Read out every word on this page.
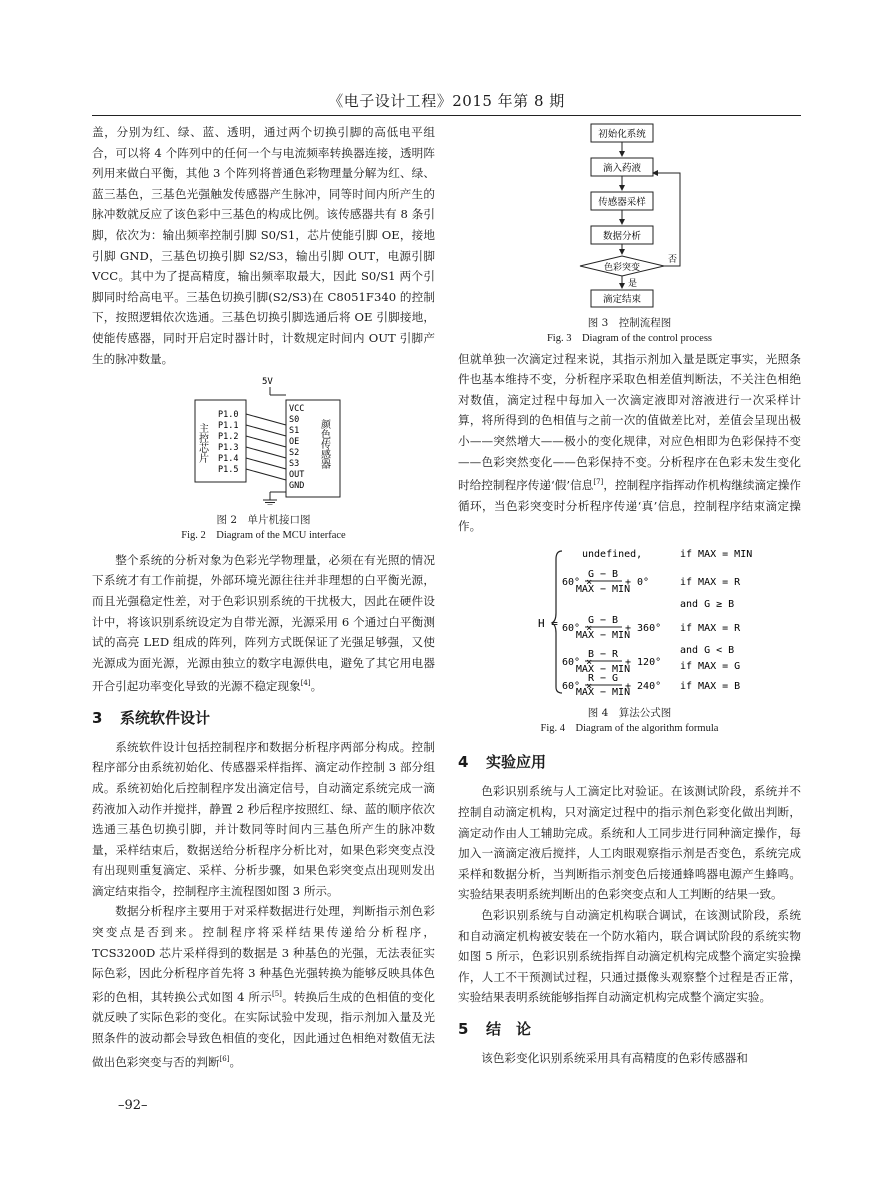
《电子设计工程》2015 年第 8 期

盖，分别为红、绿、蓝、透明，通过两个切换引脚的高低电平组合，可以将 4 个阵列中的任何一个与电流频率转换器连接，透明阵列用来做白平衡，其他 3 个阵列将普通色彩物理量分解为红、绿、蓝三基色，三基色光强触发传感器产生脉冲，同等时间内所产生的脉冲数就反应了该色彩中三基色的构成比例。该传感器共有 8 条引脚，依次为：输出频率控制引脚 S0/S1，芯片使能引脚 OE，接地引脚 GND，三基色切换引脚 S2/S3，输出引脚 OUT，电源引脚 VCC。其中为了提高精度，输出频率取最大，因此 S0/S1 两个引脚同时给高电平。三基色切换引脚(S2/S3)在 C8051F340 的控制下，按照逻辑依次选通。三基色切换引脚选通后将 OE 引脚接地，使能传感器，同时开启定时器计时，计数规定时间内 OUT 引脚产生的脉冲数量。

5V
主控芯片	颜色传感器
P1.0
P1.1
P1.2
P1.3
P1.4
P1.5
VCC
S0
S1
OE
S2
S3
OUT
GND
图 2　单片机接口图
Fig. 2　Diagram of the MCU interface

整个系统的分析对象为色彩光学物理量，必须在有光照的情况下系统才有工作前提，外部环境光源往往并非理想的白平衡光源，而且光强稳定性差，对于色彩识别系统的干扰极大，因此在硬件设计中，将该识别系统设定为自带光源，光源采用 6 个通过白平衡测试的高亮 LED 组成的阵列，阵列方式既保证了光强足够强，又使光源成为面光源，光源由独立的数字电源供电，避免了其它用电器开合引起功率变化导致的光源不稳定现象[4]。

3 系统软件设计

系统软件设计包括控制程序和数据分析程序两部分构成。控制程序部分由系统初始化、传感器采样指挥、滴定动作控制 3 部分组成。系统初始化后控制程序发出滴定信号，自动滴定系统完成一滴药液加入动作并搅拌，静置 2 秒后程序按照红、绿、蓝的顺序依次选通三基色切换引脚，并计数同等时间内三基色所产生的脉冲数量，采样结束后，数据送给分析程序分析比对，如果色彩突变点没有出现则重复滴定、采样、分析步骤，如果色彩突变点出现则发出滴定结束指令，控制程序主流程图如图 3 所示。

数据分析程序主要用于对采样数据进行处理，判断指示剂色彩突变点是否到来。控制程序将采样结果传递给分析程序，TCS3200D 芯片采样得到的数据是 3 种基色的光强，无法表征实际色彩，因此分析程序首先将 3 种基色光强转换为能够反映具体色彩的色相，其转换公式如图 4 所示[5]。转换后生成的色相值的变化就反映了实际色彩的变化。在实际试验中发现，指示剂加入量及光照条件的波动都会导致色相值的变化，因此通过色相绝对数值无法做出色彩突变与否的判断[6]。

初始化系统
滴入药液
传感器采样
数据分析
色彩突变
否
是
滴定结束
图 3　控制流程图
Fig. 3　Diagram of the control process

但就单独一次滴定过程来说，其指示剂加入量是既定事实，光照条件也基本维持不变，分析程序采取色相差值判断法，不关注色相绝对数值，滴定过程中每加入一次滴定液即对溶液进行一次采样计算，将所得到的色相值与之前一次的值做差比对，差值会呈现出极小——突然增大——极小的变化规律，对应色相即为色彩保持不变——色彩突然变化——色彩保持不变。分析程序在色彩未发生变化时给控制程序传递‘假’信息[7]，控制程序指挥动作机构继续滴定操作循环，当色彩突变时分析程序传递‘真’信息，控制程序结束滴定操作。

H =
undefined,	if MAX = MIN
60° ×
G − B
MAX − MIN
+ 0°	if MAX = R
and G ≥ B
60° ×
G − B
MAX − MIN
+ 360° if MAX = R
and G < B
60° ×
B − R
MAX − MIN
+ 120° if MAX = G
60° ×
R − G
MAX − MIN
+ 240° if MAX = B
图 4　算法公式图
Fig. 4　Diagram of the algorithm formula
4 实验应用

色彩识别系统与人工滴定比对验证。在该测试阶段，系统并不控制自动滴定机构，只对滴定过程中的指示剂色彩变化做出判断，滴定动作由人工辅助完成。系统和人工同步进行同种滴定操作，每加入一滴滴定液后搅拌，人工肉眼观察指示剂是否变色，系统完成采样和数据分析，当判断指示剂变色后接通蜂鸣器电源产生蜂鸣。实验结果表明系统判断出的色彩突变点和人工判断的结果一致。

色彩识别系统与自动滴定机构联合调试，在该测试阶段，系统和自动滴定机构被安装在一个防水箱内，联合调试阶段的系统实物如图 5 所示，色彩识别系统指挥自动滴定机构完成整个滴定实验操作，人工不干预测试过程，只通过摄像头观察整个过程是否正常，实验结果表明系统能够指挥自动滴定机构完成整个滴定实验。

5 结　论

该色彩变化识别系统采用具有高精度的色彩传感器和

–92–
